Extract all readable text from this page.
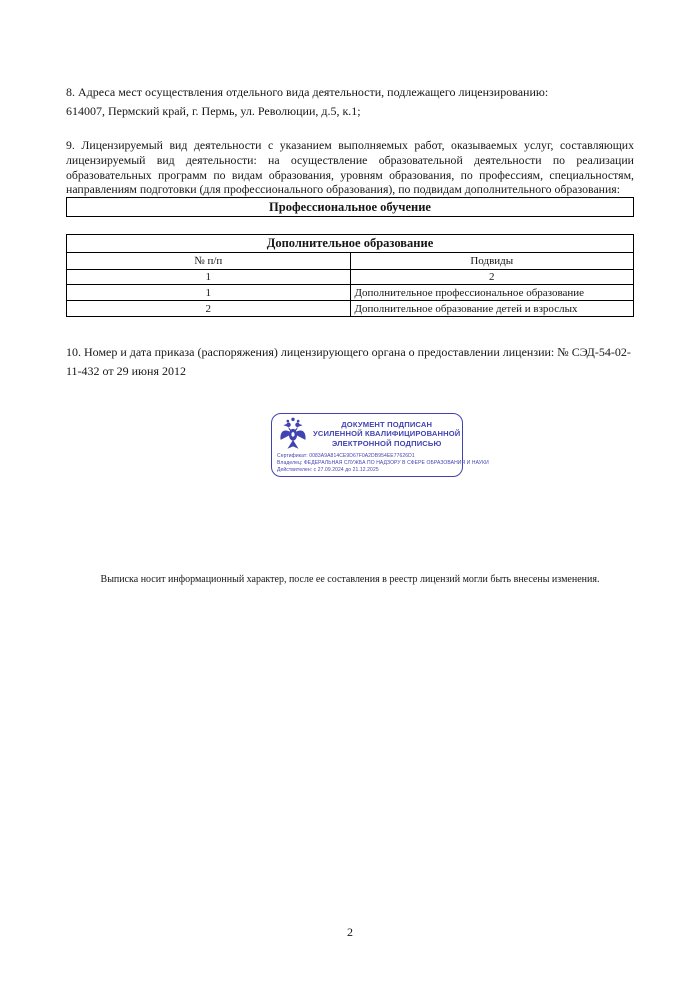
8. Адреса мест осуществления отдельного вида деятельности, подлежащего лицензированию:
614007, Пермский край, г. Пермь, ул. Революции, д.5, к.1;
9. Лицензируемый вид деятельности с указанием выполняемых работ, оказываемых услуг, составляющих лицензируемый вид деятельности: на осуществление образовательной деятельности по реализации образовательных программ по видам образования, уровням образования, по профессиям, специальностям, направлениям подготовки (для профессионального образования), по подвидам дополнительного образования:
Профессиональное обучение
Дополнительное образование	
№ п/п	Подвиды
1	2
1	Дополнительное профессиональное образование
2	Дополнительное образование детей и взрослых
10. Номер и дата приказа (распоряжения) лицензирующего органа о предоставлении лицензии: № СЭД-54-02-11-432 от 29 июня 2012
ДОКУМЕНТ ПОДПИСАН
УСИЛЕННОЙ КВАЛИФИЦИРОВАННОЙ
ЭЛЕКТРОННОЙ ПОДПИСЬЮ
Сертификат: 0083A9A814CE9D67F0A2DB954EE77626D1
Владелец: ФЕДЕРАЛЬНАЯ СЛУЖБА ПО НАДЗОРУ В СФЕРЕ ОБРАЗОВАНИЯ И НАУКИ
Действителен: с 27.09.2024 до 21.12.2025
Выписка носит информационный характер, после ее составления в реестр лицензий могли быть внесены изменения.
2
